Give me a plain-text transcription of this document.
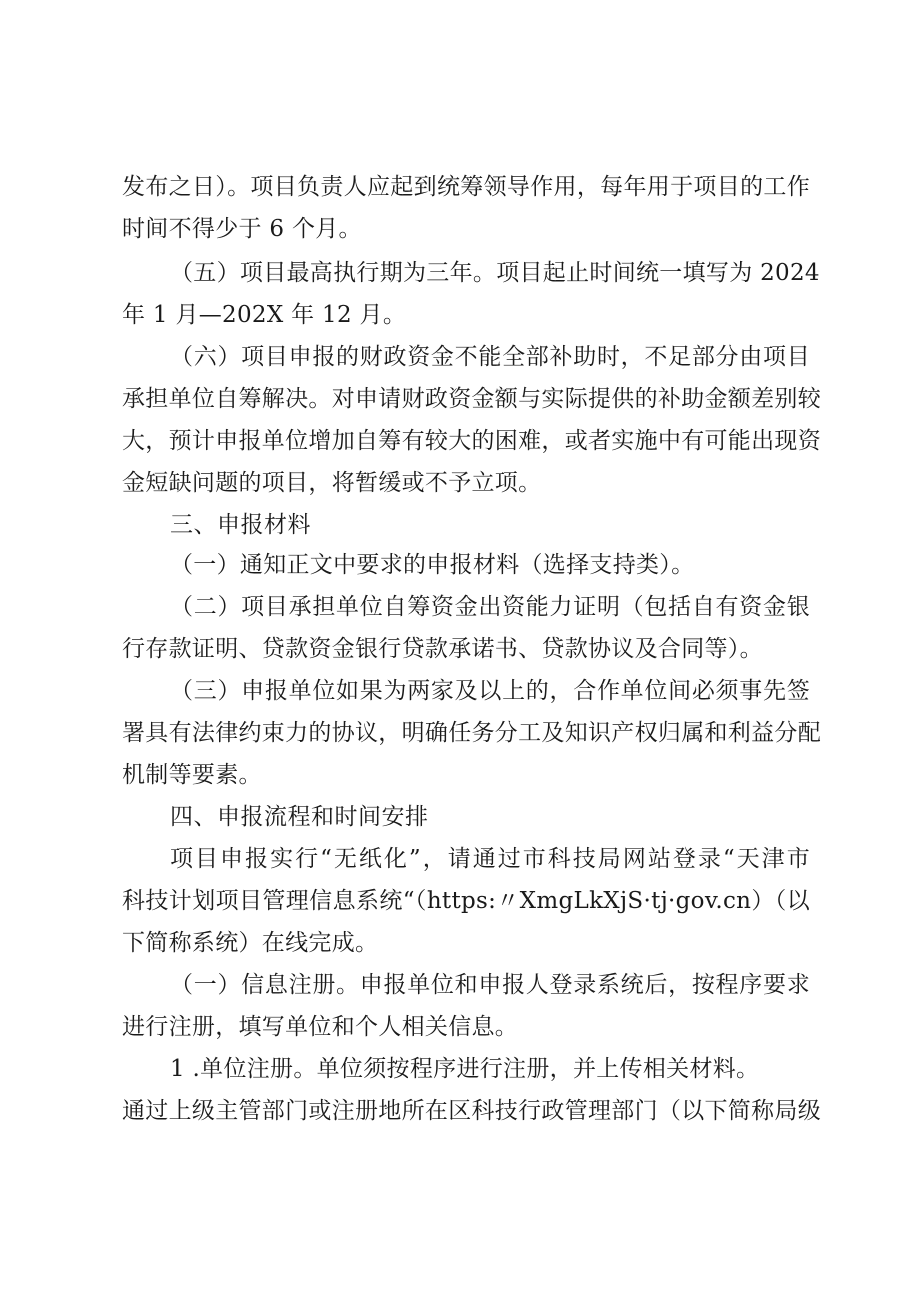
发布之日）。项目负责人应起到统筹领导作用，每年用于项目的工作
时间不得少于 6 个月。
（五）项目最高执行期为三年。项目起止时间统一填写为 2024
年 1 月—202X 年 12 月。
（六）项目申报的财政资金不能全部补助时，不足部分由项目
承担单位自筹解决。对申请财政资金额与实际提供的补助金额差别较
大，预计申报单位增加自筹有较大的困难，或者实施中有可能出现资
金短缺问题的项目，将暂缓或不予立项。
三、申报材料
（一）通知正文中要求的申报材料（选择支持类）。
（二）项目承担单位自筹资金出资能力证明（包括自有资金银
行存款证明、贷款资金银行贷款承诺书、贷款协议及合同等）。
（三）申报单位如果为两家及以上的，合作单位间必须事先签
署具有法律约束力的协议，明确任务分工及知识产权归属和利益分配
机制等要素。
四、申报流程和时间安排
项目申报实行“无纸化”，请通过市科技局网站登录“天津市
科技计划项目管理信息系统“（https:〃XmgLkXjS·tj·gov.cn）（以
下简称系统）在线完成。
（一）信息注册。申报单位和申报人登录系统后，按程序要求
进行注册，填写单位和个人相关信息。
1 .单位注册。单位须按程序进行注册，并上传相关材料。
通过上级主管部门或注册地所在区科技行政管理部门（以下简称局级
